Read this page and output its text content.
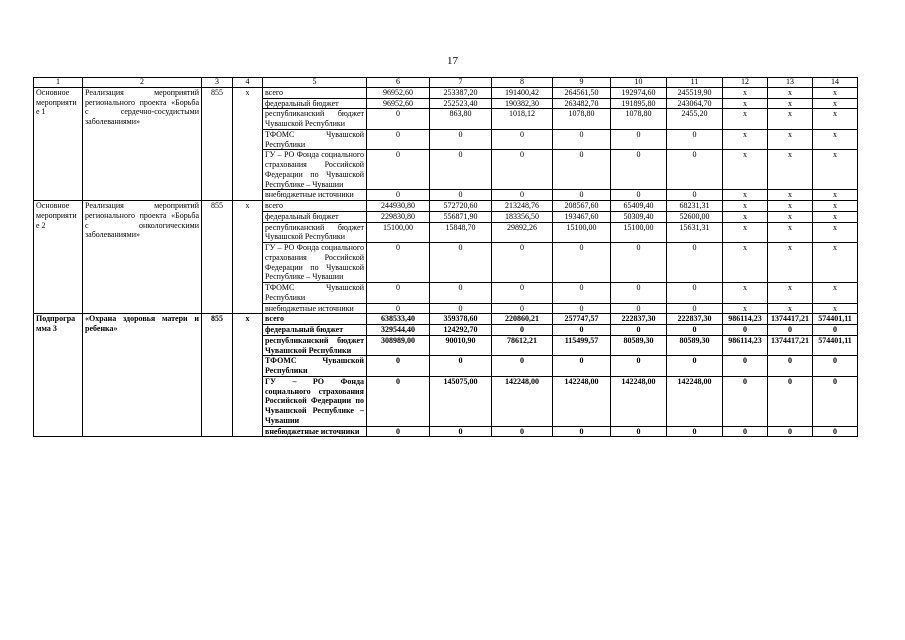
17
1	2	3	4	5	6	7	8	9	10	11	12	13	14
Основное мероприятие 1	Реализация мероприятий регионального проекта «Борьба с сердечно-сосудистыми заболеваниями»	855	x	всего	96952,60	253387,20	191400,42	264561,50	192974,60	245519,90	x	x	x
				федеральный бюджет	96952,60	252523,40	190382,30	263482,70	191895,80	243064,70	x	x	x
				республиканский бюджет Чувашской Республики	0	863,80	1018,12	1078,80	1078,80	2455,20	x	x	x
				ТФОМС Чувашской Республики	0	0	0	0	0	0	x	x	x
				ГУ – РО Фонда социального страхования Российской Федерации по Чувашской Республике – Чувашии	0	0	0	0	0	0	x	x	x
				внебюджетные источники	0	0	0	0	0	0	x	x	x
Основное мероприятие 2	Реализация мероприятий регионального проекта «Борьба с онкологическими заболеваниями»	855	x	всего	244930,80	572720,60	213248,76	208567,60	65409,40	68231,31	x	x	x
				федеральный бюджет	229830,80	556871,90	183356,50	193467,60	50309,40	52600,00	x	x	x
				республиканский бюджет Чувашской Республики	15100,00	15848,70	29892,26	15100,00	15100,00	15631,31	x	x	x
				ГУ – РО Фонда социального страхования Российской Федерации по Чувашской Республике – Чувашии	0	0	0	0	0	0	x	x	x
				ТФОМС Чувашской Республики	0	0	0	0	0	0	x	x	x
				внебюджетные источники	0	0	0	0	0	0	x	x	x
Подпрограмма 3	«Охрана здоровья матери и ребенка»	855	x	всего	638533,40	359378,60	220860,21	257747,57	222837,30	222837,30	986114,23	1374417,21	574401,11
				федеральный бюджет	329544,40	124292,70	0	0	0	0	0	0	0
				республиканский бюджет Чувашской Республики	308989,00	90010,90	78612,21	115499,57	80589,30	80589,30	986114,23	1374417,21	574401,11
				ТФОМС Чувашской Республики	0	0	0	0	0	0	0	0	0
				ГУ – РО Фонда социального страхования Российской Федерации по Чувашской Республике – Чувашии	0	145075,00	142248,00	142248,00	142248,00	142248,00	0	0	0
				внебюджетные источники	0	0	0	0	0	0	0	0	0
